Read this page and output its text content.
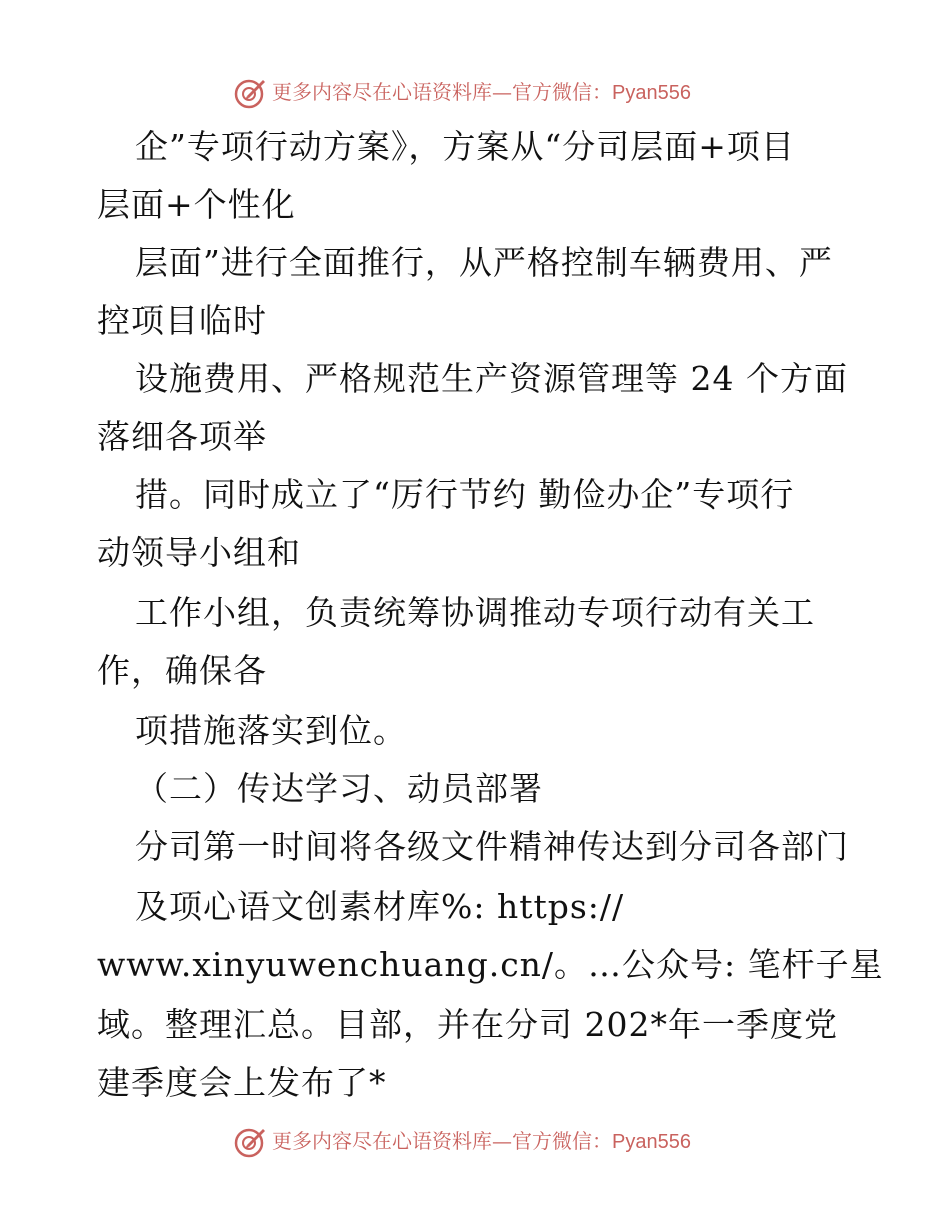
更多内容尽在心语资料库—官方微信：Pyan556
企”专项行动方案》，方案从“分司层面+项目
层面+个性化
层面”进行全面推行，从严格控制车辆费用、严
控项目临时
设施费用、严格规范生产资源管理等 24 个方面
落细各项举
措。同时成立了“厉行节约 勤俭办企”专项行
动领导小组和
工作小组，负责统筹协调推动专项行动有关工
作，确保各
项措施落实到位。
（二）传达学习、动员部署
分司第一时间将各级文件精神传达到分司各部门
及项心语文创素材库%: https://
www.xinyuwenchuang.cn/。…公众号: 笔杆子星
域。整理汇总。目部，并在分司 202*年一季度党
建季度会上发布了*
更多内容尽在心语资料库—官方微信：Pyan556
